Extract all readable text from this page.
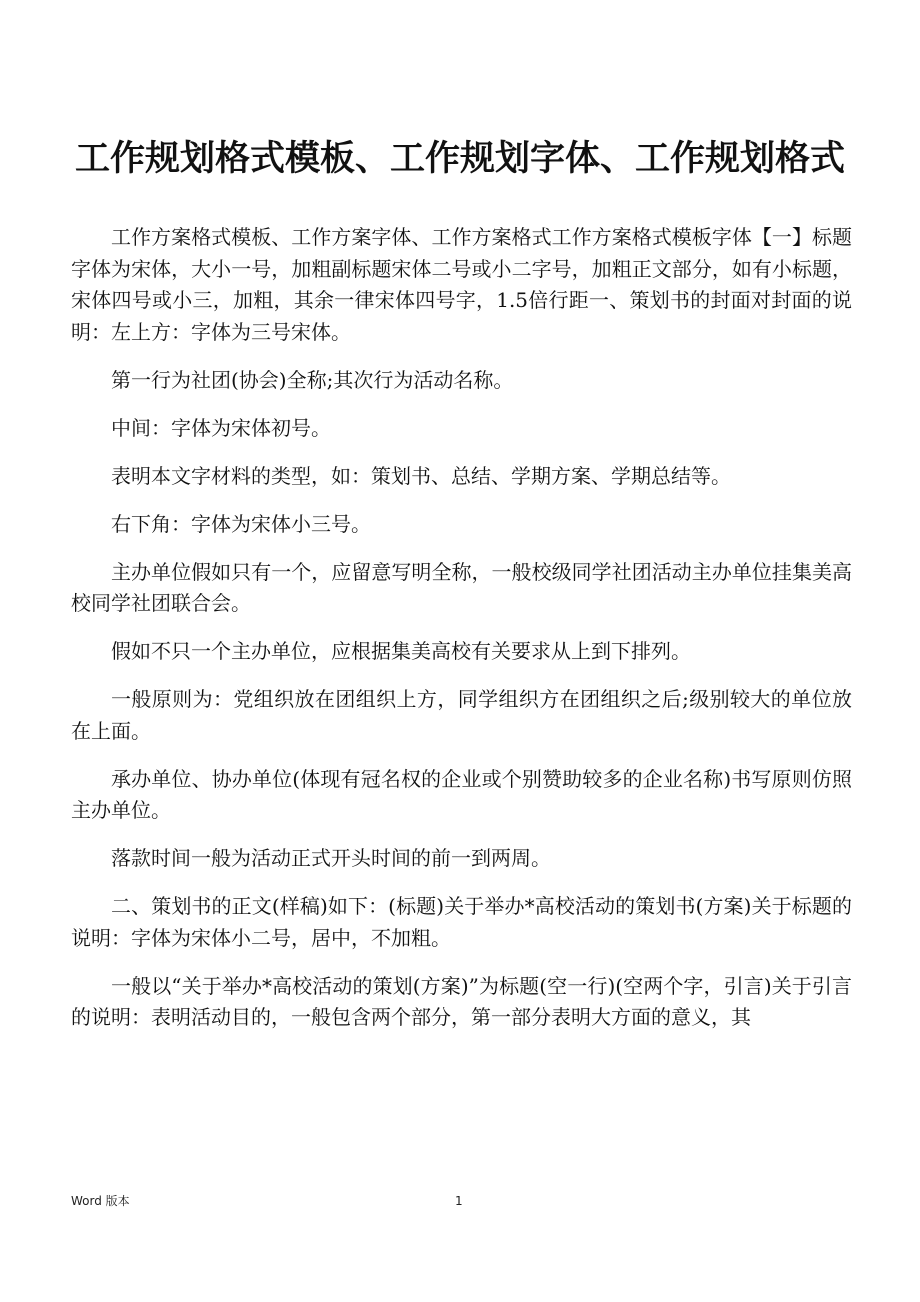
工作规划格式模板、工作规划字体、工作规划格式

工作方案格式模板、工作方案字体、工作方案格式工作方案格式模板字体【一】标题字体为宋体，大小一号，加粗副标题宋体二号或小二字号，加粗正文部分，如有小标题，宋体四号或小三，加粗，其余一律宋体四号字，1.5倍行距一、策划书的封面对封面的说明：左上方：字体为三号宋体。

第一行为社团(协会)全称;其次行为活动名称。

中间：字体为宋体初号。

表明本文字材料的类型，如：策划书、总结、学期方案、学期总结等。

右下角：字体为宋体小三号。

主办单位假如只有一个，应留意写明全称，一般校级同学社团活动主办单位挂集美高校同学社团联合会。

假如不只一个主办单位，应根据集美高校有关要求从上到下排列。

一般原则为：党组织放在团组织上方，同学组织方在团组织之后;级别较大的单位放在上面。

承办单位、协办单位(体现有冠名权的企业或个别赞助较多的企业名称)书写原则仿照主办单位。

落款时间一般为活动正式开头时间的前一到两周。

二、策划书的正文(样稿)如下：(标题)关于举办*高校活动的策划书(方案)关于标题的说明：字体为宋体小二号，居中，不加粗。

一般以“关于举办*高校活动的策划(方案)”为标题(空一行)(空两个字，引言)关于引言的说明：表明活动目的，一般包含两个部分，第一部分表明大方面的意义，其

Word 版本	1
